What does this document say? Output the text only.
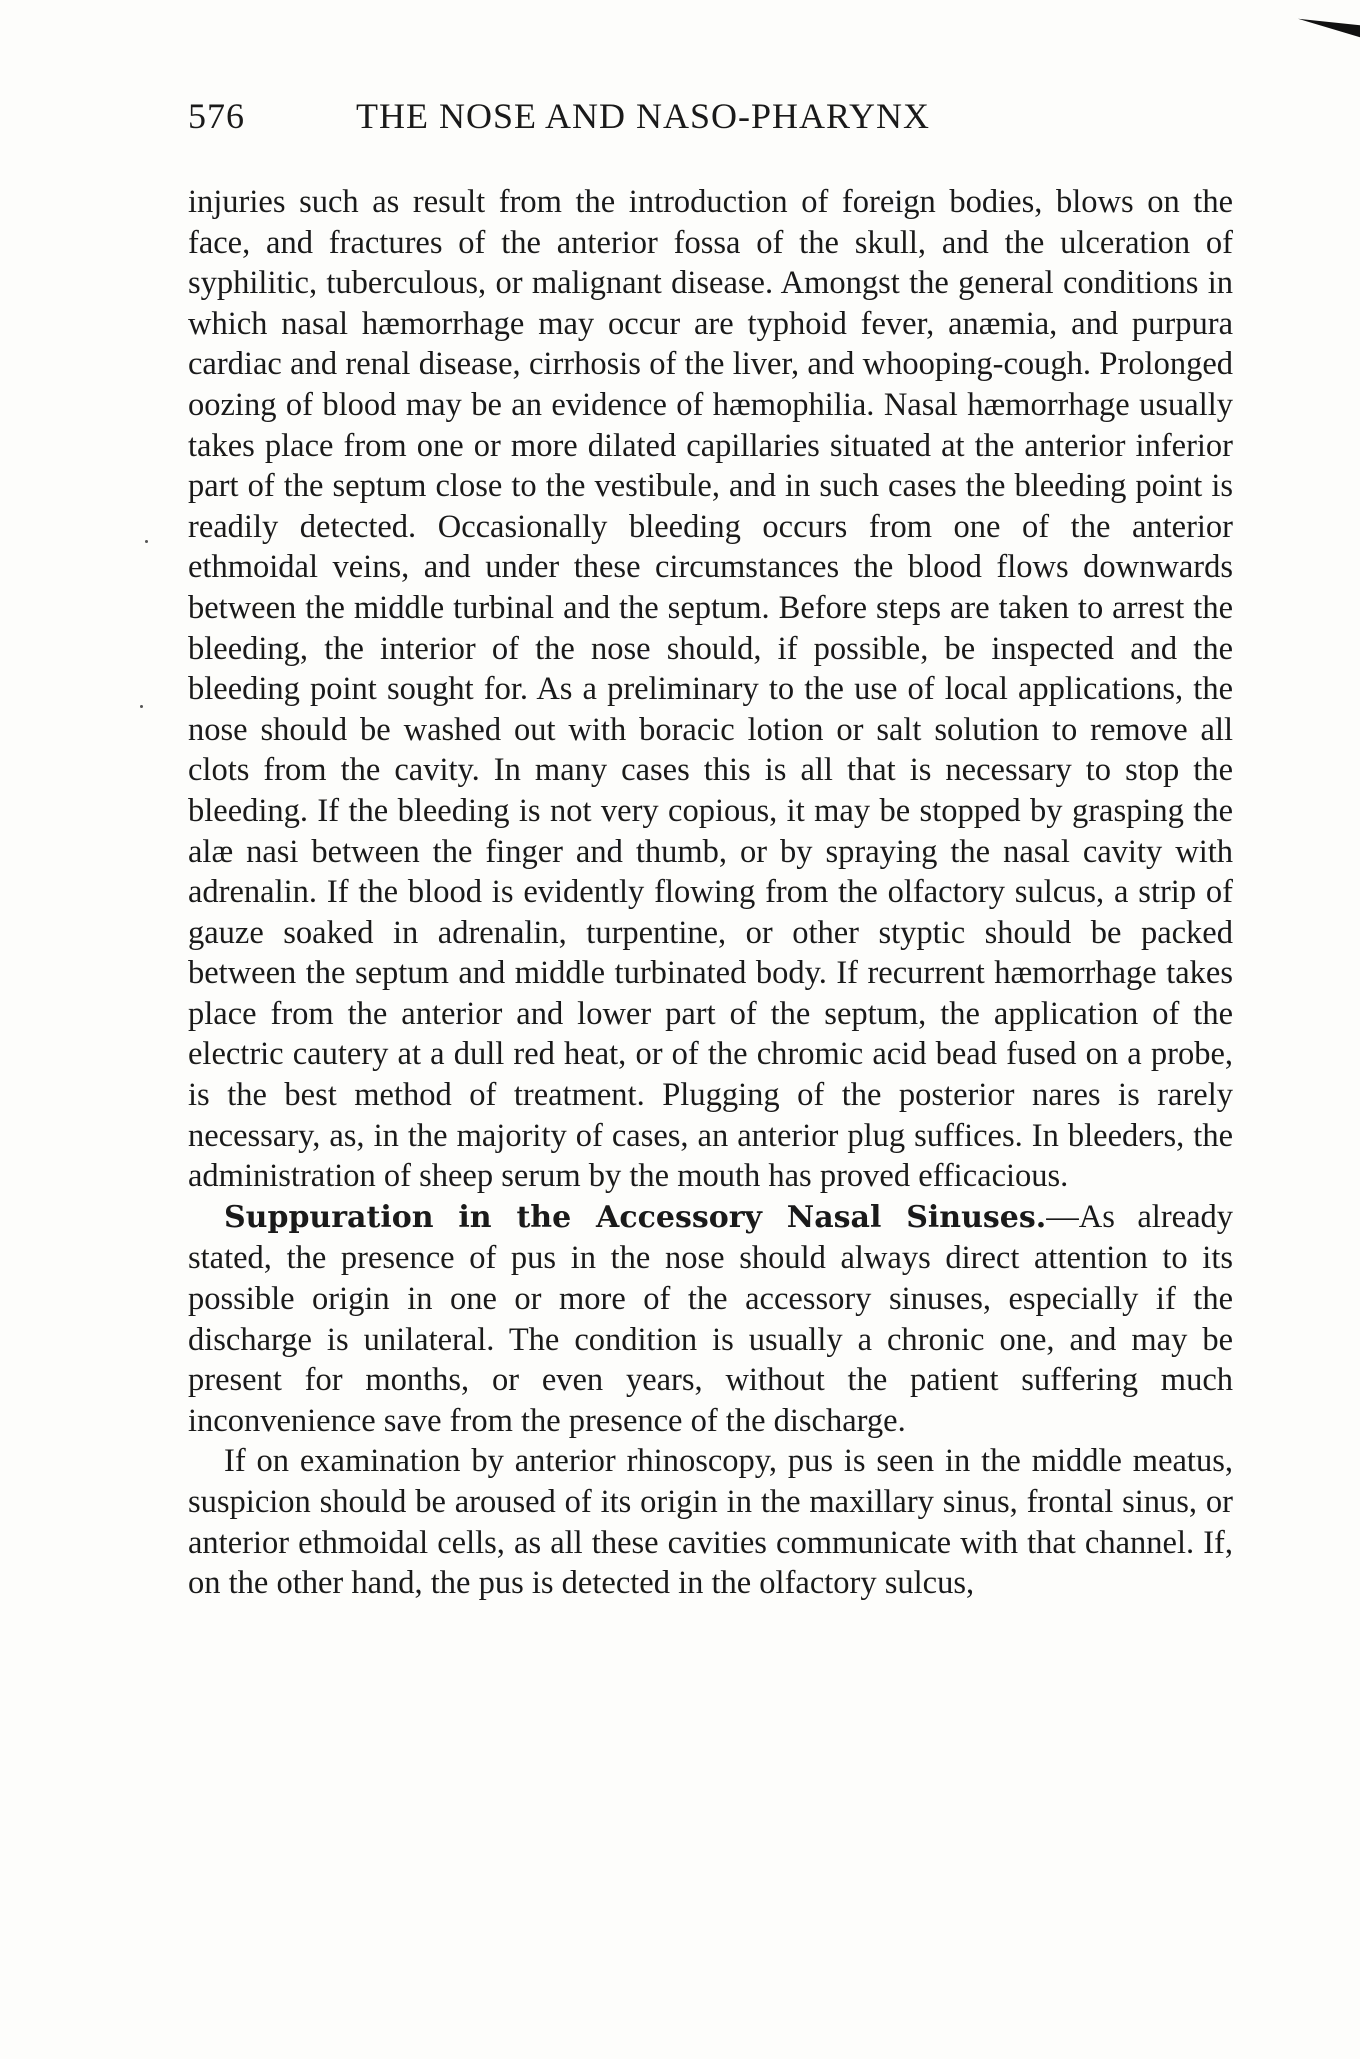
576	THE NOSE AND NASO-PHARYNX

injuries such as result from the introduction of foreign bodies, blows on the face, and fractures of the anterior fossa of the skull, and the ulceration of syphilitic, tuberculous, or malignant disease. Amongst the general conditions in which nasal hæmorrhage may occur are typhoid fever, anæmia, and purpura cardiac and renal disease, cirrhosis of the liver, and whooping-cough. Prolonged oozing of blood may be an evidence of hæmophilia. Nasal hæmorrhage usually takes place from one or more dilated capillaries situated at the anterior inferior part of the septum close to the vestibule, and in such cases the bleeding point is readily detected. Occasionally bleeding occurs from one of the anterior ethmoidal veins, and under these circumstances the blood flows downwards between the middle turbinal and the septum. Before steps are taken to arrest the bleeding, the interior of the nose should, if possible, be inspected and the bleeding point sought for. As a preliminary to the use of local applications, the nose should be washed out with boracic lotion or salt solution to remove all clots from the cavity. In many cases this is all that is necessary to stop the bleeding. If the bleeding is not very copious, it may be stopped by grasping the alæ nasi between the finger and thumb, or by spraying the nasal cavity with adrenalin. If the blood is evidently flowing from the olfactory sulcus, a strip of gauze soaked in adrenalin, turpentine, or other styptic should be packed between the septum and middle turbinated body. If recurrent hæmorrhage takes place from the anterior and lower part of the septum, the application of the electric cautery at a dull red heat, or of the chromic acid bead fused on a probe, is the best method of treatment. Plugging of the posterior nares is rarely necessary, as, in the majority of cases, an anterior plug suffices. In bleeders, the administration of sheep serum by the mouth has proved efficacious.

Suppuration in the Accessory Nasal Sinuses.—As already stated, the presence of pus in the nose should always direct attention to its possible origin in one or more of the accessory sinuses, especially if the discharge is unilateral. The condition is usually a chronic one, and may be present for months, or even years, without the patient suffering much inconvenience save from the presence of the discharge.

If on examination by anterior rhinoscopy, pus is seen in the middle meatus, suspicion should be aroused of its origin in the maxillary sinus, frontal sinus, or anterior ethmoidal cells, as all these cavities communicate with that channel. If, on the other hand, the pus is detected in the olfactory sulcus,
